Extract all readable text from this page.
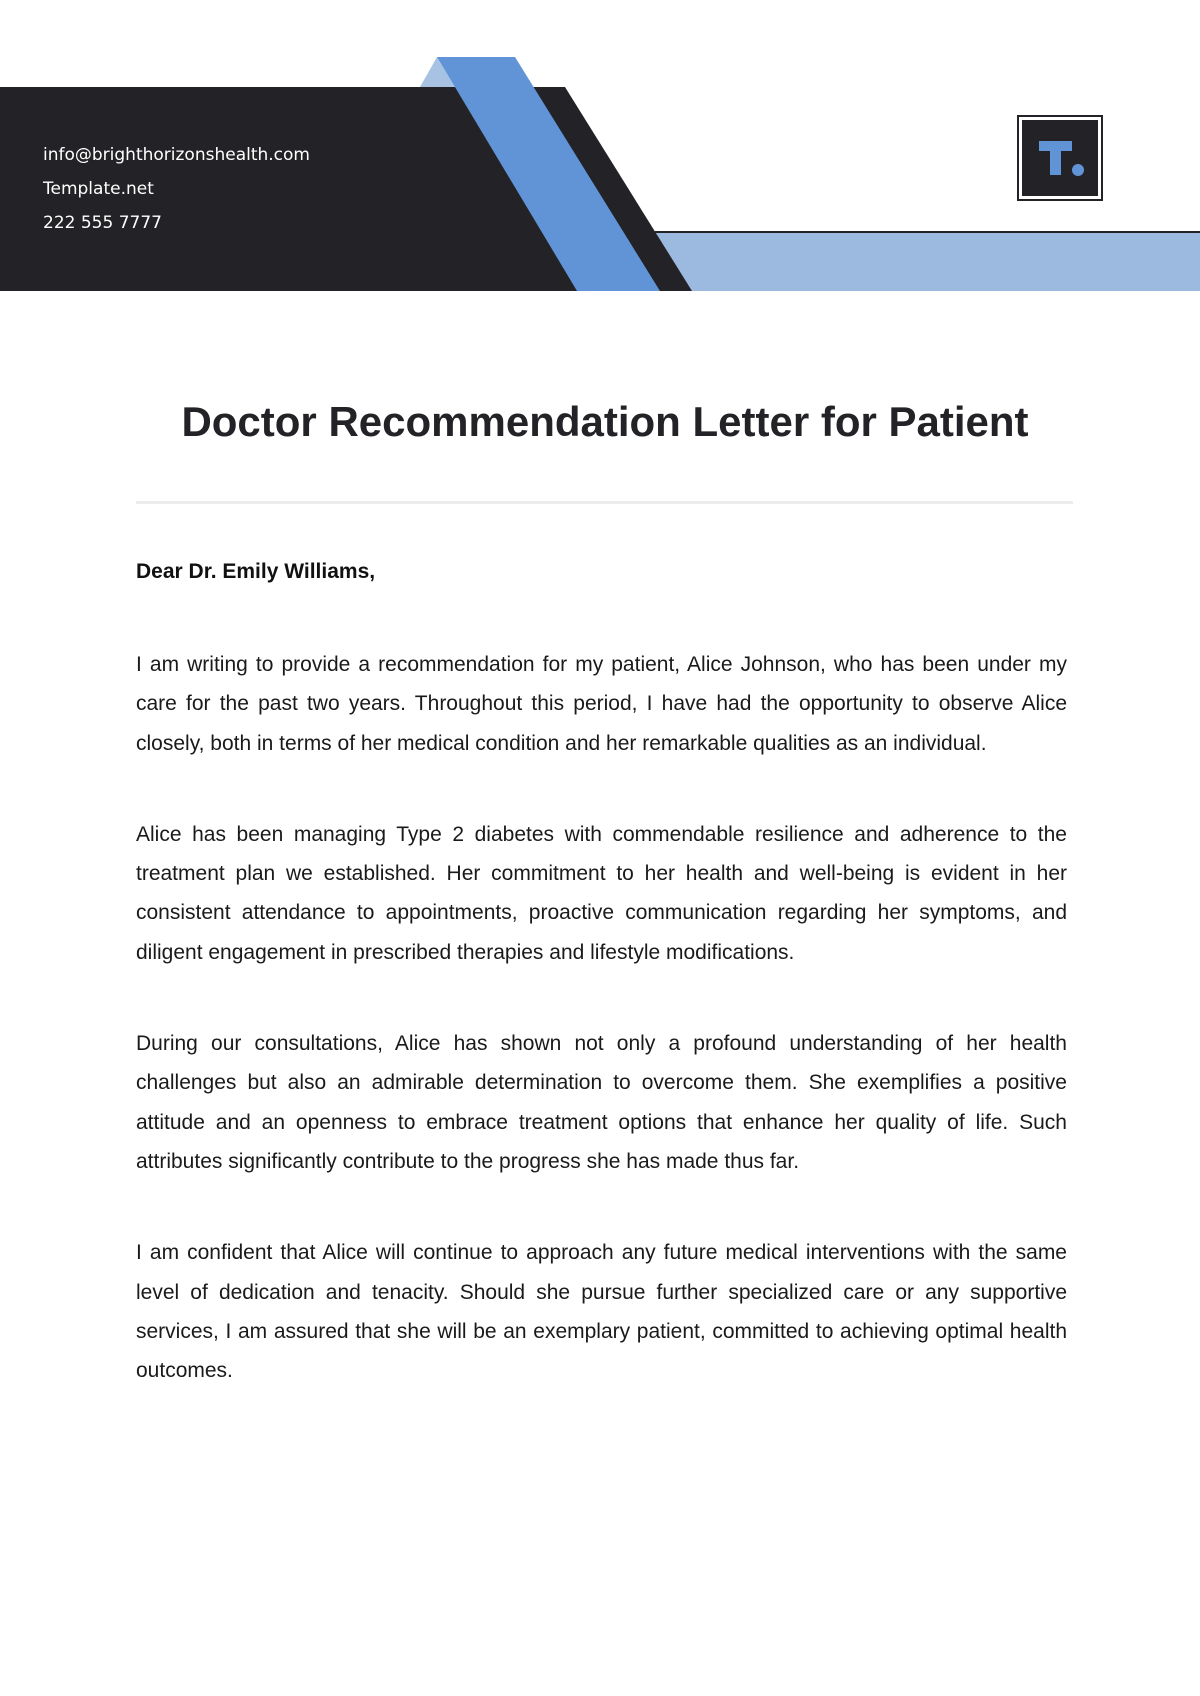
info@brighthorizonshealth.com
Template.net
222 555 7777
Doctor Recommendation Letter for Patient

Dear Dr. Emily Williams,

I am writing to provide a recommendation for my patient, Alice Johnson, who has been under my care for the past two years. Throughout this period, I have had the opportunity to observe Alice closely, both in terms of her medical condition and her remarkable qualities as an individual.

Alice has been managing Type 2 diabetes with commendable resilience and adherence to the treatment plan we established. Her commitment to her health and well-being is evident in her consistent attendance to appointments, proactive communication regarding her symptoms, and diligent engagement in prescribed therapies and lifestyle modifications.

During our consultations, Alice has shown not only a profound understanding of her health challenges but also an admirable determination to overcome them. She exemplifies a positive attitude and an openness to embrace treatment options that enhance her quality of life. Such attributes significantly contribute to the progress she has made thus far.

I am confident that Alice will continue to approach any future medical interventions with the same level of dedication and tenacity. Should she pursue further specialized care or any supportive services, I am assured that she will be an exemplary patient, committed to achieving optimal health outcomes.
